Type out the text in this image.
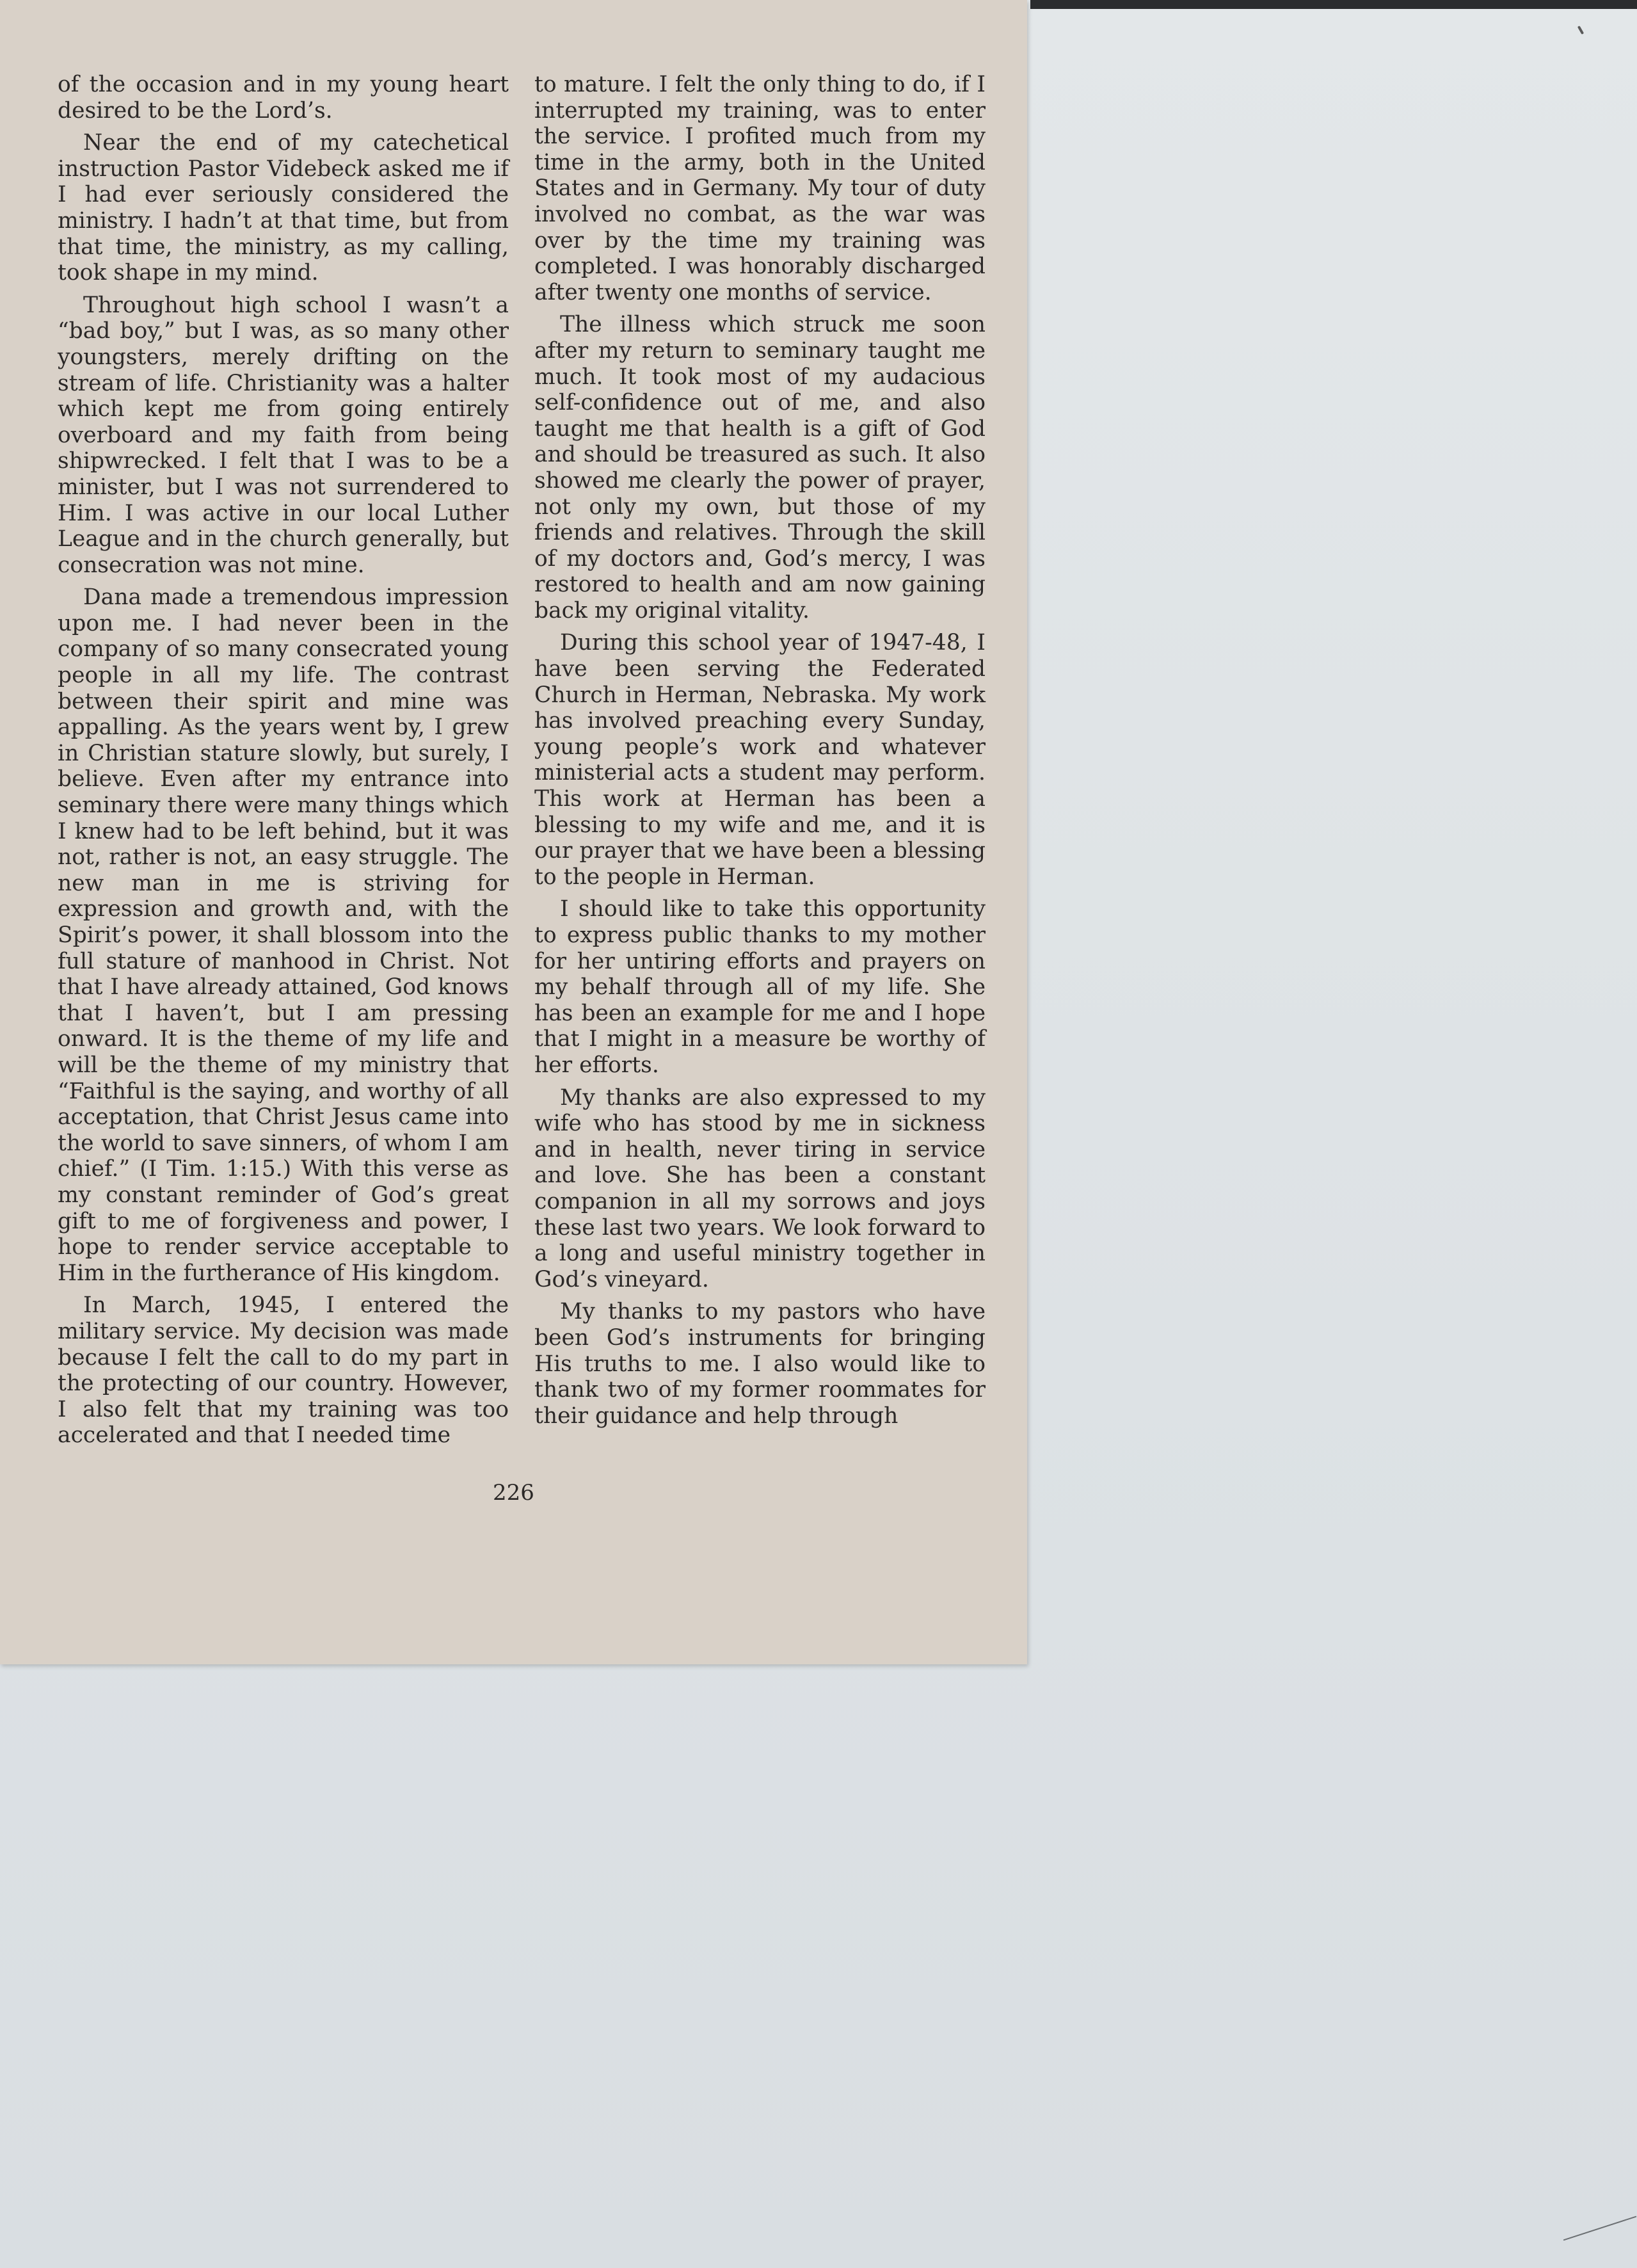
of the occasion and in my young heart desired to be the Lord’s.

Near the end of my catechetical instruction Pastor Videbeck asked me if I had ever seriously considered the ministry. I hadn’t at that time, but from that time, the ministry, as my calling, took shape in my mind.

Throughout high school I wasn’t a “bad boy,” but I was, as so many other youngsters, merely drifting on the stream of life. Christianity was a halter which kept me from going entirely overboard and my faith from being shipwrecked. I felt that I was to be a minister, but I was not surrendered to Him. I was active in our local Luther League and in the church generally, but consecration was not mine.

Dana made a tremendous impression upon me. I had never been in the company of so many consecrated young people in all my life. The contrast between their spirit and mine was appalling. As the years went by, I grew in Christian stature slowly, but surely, I believe. Even after my entrance into seminary there were many things which I knew had to be left behind, but it was not, rather is not, an easy struggle. The new man in me is striving for expression and growth and, with the Spirit’s power, it shall blossom into the full stature of manhood in Christ. Not that I have already attained, God knows that I haven’t, but I am pressing onward. It is the theme of my life and will be the theme of my ministry that “Faithful is the saying, and worthy of all acceptation, that Christ Jesus came into the world to save sinners, of whom I am chief.” (I Tim. 1:15.) With this verse as my constant reminder of God’s great gift to me of forgiveness and power, I hope to render service acceptable to Him in the furtherance of His kingdom.

In March, 1945, I entered the military service. My decision was made because I felt the call to do my part in the protecting of our country. However, I also felt that my training was too accelerated and that I needed time

to mature. I felt the only thing to do, if I interrupted my training, was to enter the service. I profited much from my time in the army, both in the United States and in Germany. My tour of duty involved no combat, as the war was over by the time my training was completed. I was honorably discharged after twenty one months of service.

The illness which struck me soon after my return to seminary taught me much. It took most of my audacious self-confidence out of me, and also taught me that health is a gift of God and should be treasured as such. It also showed me clearly the power of prayer, not only my own, but those of my friends and relatives. Through the skill of my doctors and, God’s mercy, I was restored to health and am now gaining back my original vitality.

During this school year of 1947-48, I have been serving the Federated Church in Herman, Nebraska. My work has involved preaching every Sunday, young people’s work and whatever ministerial acts a student may perform. This work at Herman has been a blessing to my wife and me, and it is our prayer that we have been a blessing to the people in Herman.

I should like to take this opportunity to express public thanks to my mother for her untiring efforts and prayers on my behalf through all of my life. She has been an example for me and I hope that I might in a measure be worthy of her efforts.

My thanks are also expressed to my wife who has stood by me in sickness and in health, never tiring in service and love. She has been a constant companion in all my sorrows and joys these last two years. We look forward to a long and useful ministry together in God’s vineyard.

My thanks to my pastors who have been God’s instruments for bringing His truths to me. I also would like to thank two of my former roommates for their guidance and help through

226
